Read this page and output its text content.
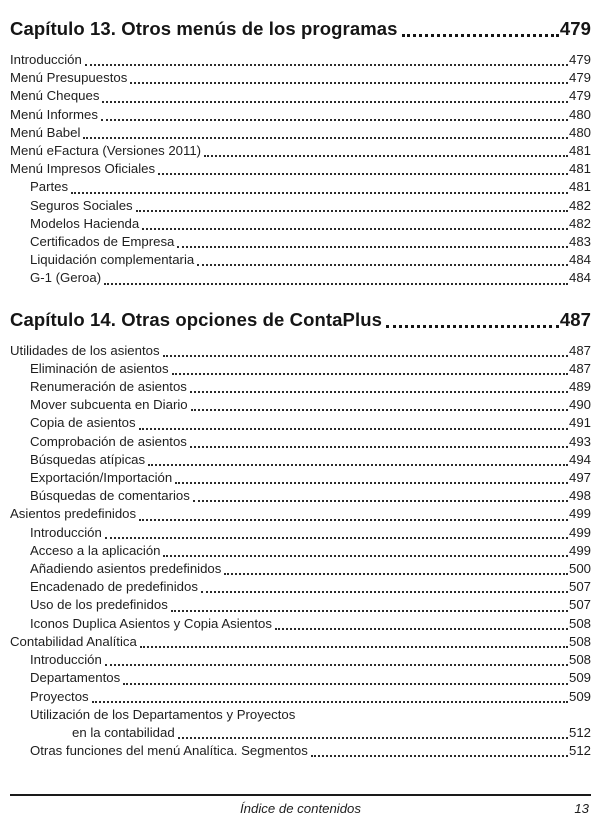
Capítulo 13. Otros menús de los programas	479
Introducción	479
Menú Presupuestos	479
Menú Cheques	479
Menú Informes	480
Menú Babel	480
Menú eFactura (Versiones 2011)	481
Menú Impresos Oficiales	481
Partes	481
Seguros Sociales	482
Modelos Hacienda	482
Certificados de Empresa	483
Liquidación complementaria	484
G-1 (Geroa)	484
Capítulo 14. Otras opciones de ContaPlus	487
Utilidades de los asientos	487
Eliminación de asientos	487
Renumeración de asientos	489
Mover subcuenta en Diario	490
Copia de asientos	491
Comprobación de asientos	493
Búsquedas atípicas	494
Exportación/Importación	497
Búsquedas de comentarios	498
Asientos predefinidos	499
Introducción	499
Acceso a la aplicación	499
Añadiendo asientos predefinidos	500
Encadenado de predefinidos	507
Uso de los predefinidos	507
Iconos Duplica Asientos y Copia Asientos	508
Contabilidad Analítica	508
Introducción	508
Departamentos	509
Proyectos	509
Utilización de los Departamentos y Proyectos
en la contabilidad	512
Otras funciones del menú Analítica. Segmentos	512
Índice de contenidos	13
